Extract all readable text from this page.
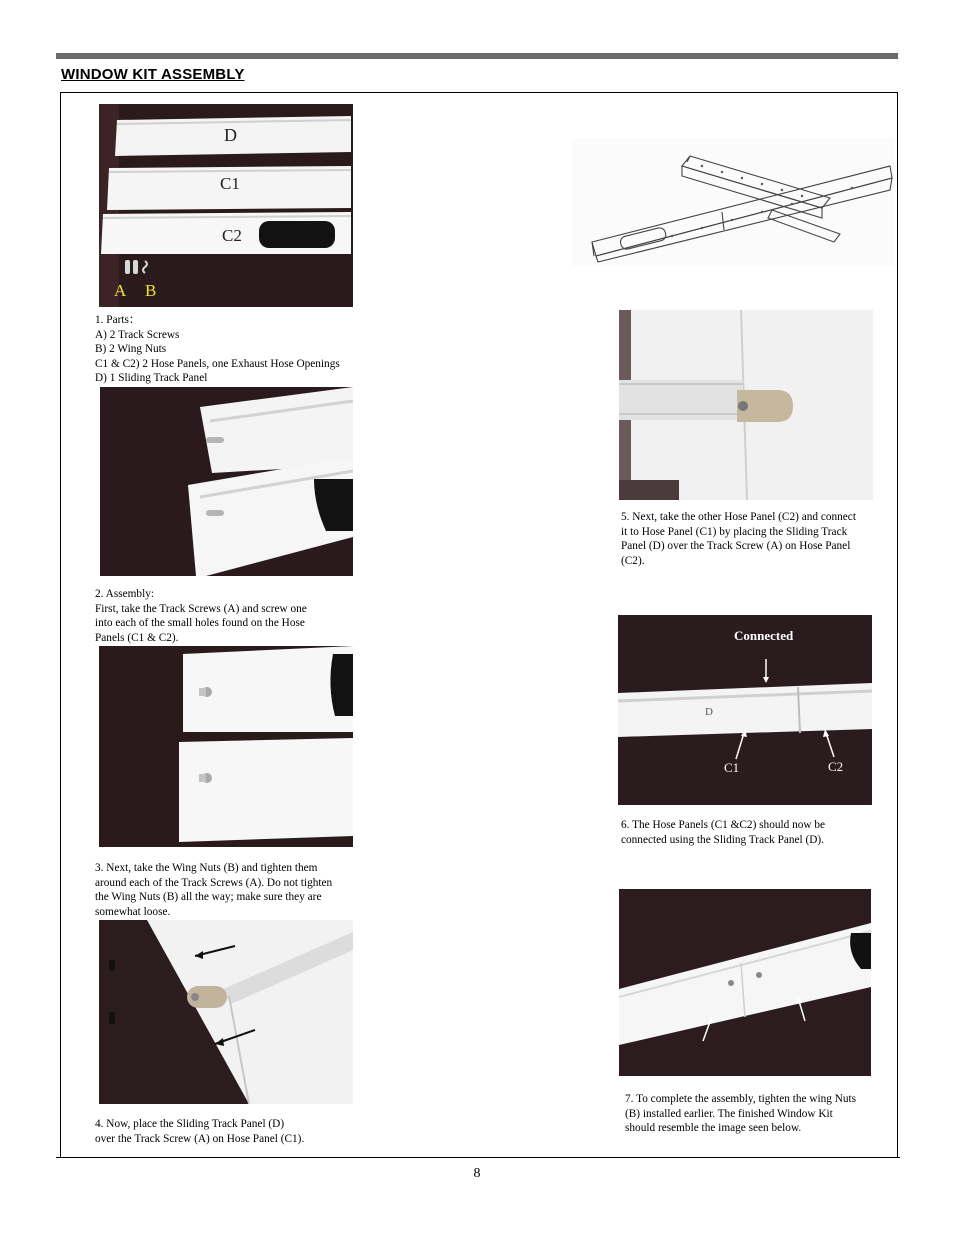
WINDOW KIT ASSEMBLY
D
C1
C2
A B
1. Parts：
A) 2 Track Screws
B) 2 Wing Nuts
C1 & C2) 2 Hose Panels, one Exhaust Hose Openings
D) 1 Sliding Track Panel
2. Assembly:
First, take the Track Screws (A) and screw one
into each of the small holes found on the Hose
Panels (C1 & C2).
3. Next, take the Wing Nuts (B) and tighten them
around each of the Track Screws (A). Do not tighten
the Wing Nuts (B) all the way; make sure they are
somewhat loose.
4. Now, place the Sliding Track Panel (D)
over the Track Screw (A) on Hose Panel (C1).
5. Next, take the other Hose Panel (C2) and connect
it to Hose Panel (C1) by placing the Sliding Track
Panel (D) over the Track Screw (A) on Hose Panel
(C2).
Connected
D
C1	C2
6. The Hose Panels (C1 &C2) should now be
connected using the Sliding Track Panel (D).
7. To complete the assembly, tighten the wing Nuts
(B) installed earlier. The finished Window Kit
should resemble the image seen below.
8
